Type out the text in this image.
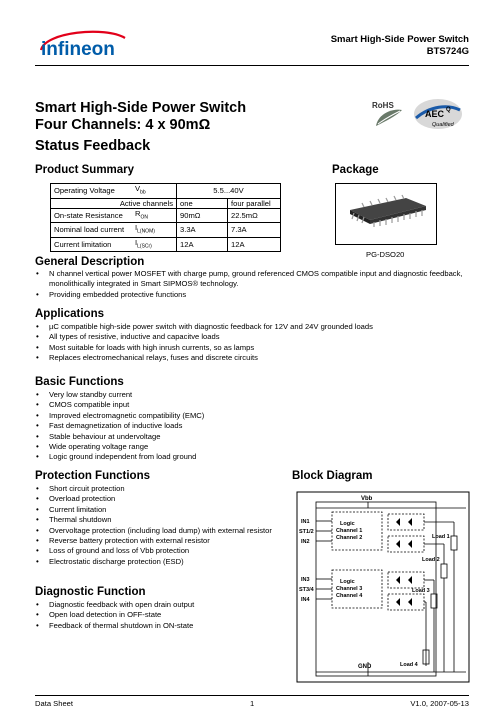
infineon	Smart High-Side Power Switch
BTS724G
Smart High-Side Power Switch
Four Channels: 4 x 90mΩ
Status Feedback
RoHS
AEC Q
Qualified
Product Summary	Package
Operating Voltage	$V_{bb}$	5.5...40V	
Active channels		one	four parallel
On-state Resistance	$R_{ON}$	90mΩ	22.5mΩ
Nominal load current	$I_{L(NOM)}$	3.3A	7.3A
Current limitation	$I_{L(SCr)}$	12A	12A
PG-DSO20
General Description
• N channel vertical power MOSFET with charge pump, ground referenced CMOS compatible input and diagnostic feedback, monolithically integrated in Smart SIPMOS® technology.
• Providing embedded protective functions
Applications
• µC compatible high-side power switch with diagnostic feedback for 12V and 24V grounded loads
• All types of resistive, inductive and capacitve loads
• Most suitable for loads with high inrush currents, so as lamps
• Replaces electromechanical relays, fuses and discrete circuits
Basic Functions
• Very low standby current
• CMOS compatible input
• Improved electromagnetic compatibility (EMC)
• Fast demagnetization of inductive loads
• Stable behaviour at undervoltage
• Wide operating voltage range
• Logic ground independent from load ground
Protection Functions
• Short circuit protection
• Overload protection
• Current limitation
• Thermal shutdown
• Overvoltage protection (including load dump) with external resistor
• Reverse battery protection with external resistor
• Loss of ground and loss of Vbb protection
• Electrostatic discharge protection (ESD)
Diagnostic Function
• Diagnostic feedback with open drain output
• Open load detection in OFF-state
• Feedback of thermal shutdown in ON-state
Block Diagram
Vbb
GND
IN1
ST1/2
IN2
IN3
ST3/4
IN4
Logic
Channel 1
Channel 2
Logic
Channel 3
Channel 4
Load 1
Load 2
Load 3
Load 4
Data Sheet	1	V1.0, 2007-05-13
